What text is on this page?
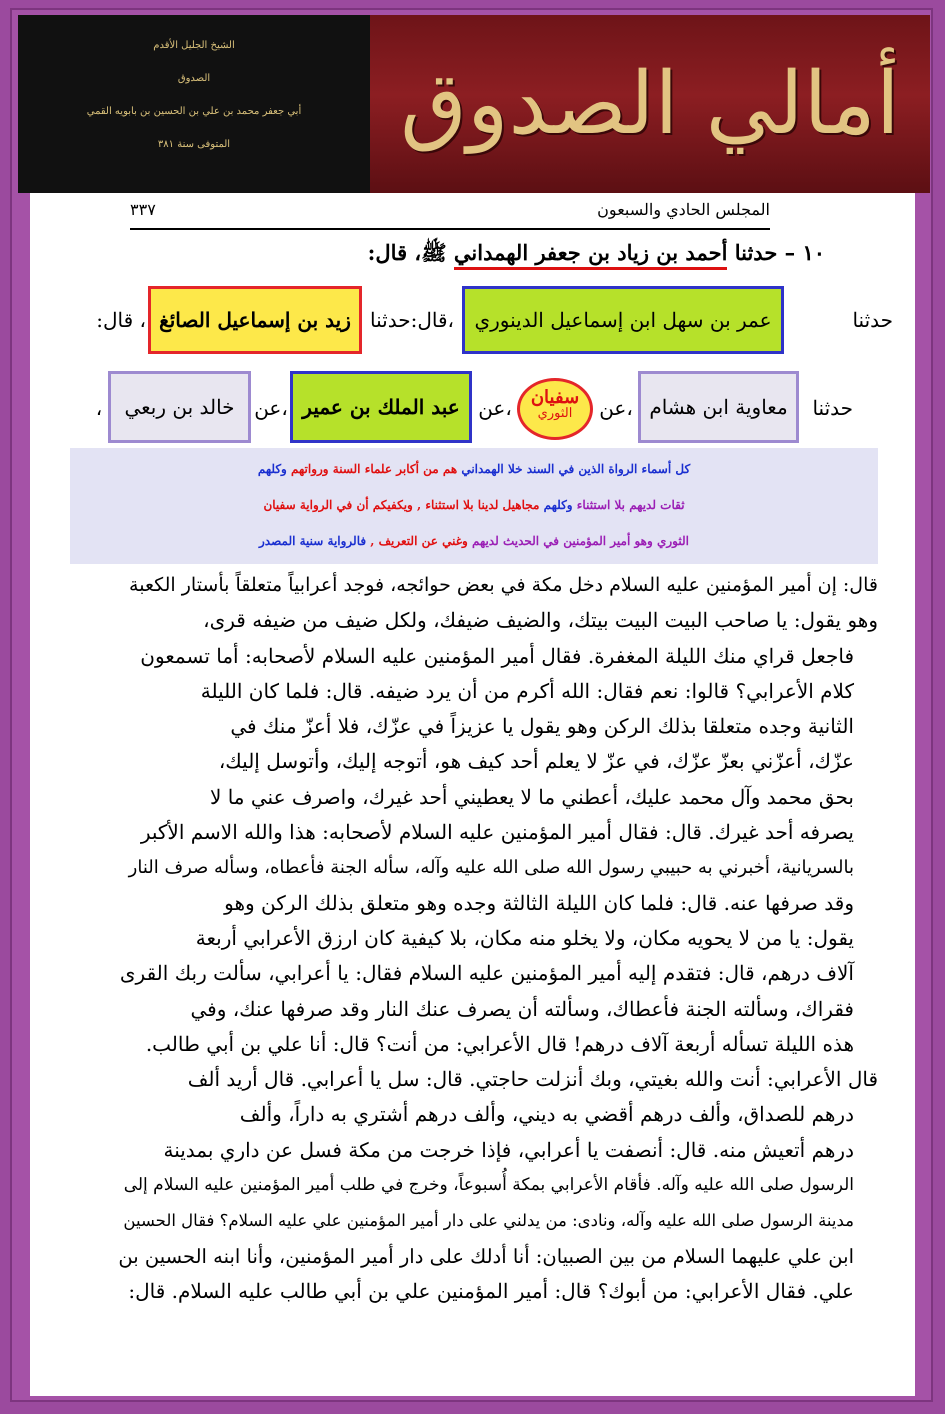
الشيخ الجليل الأقدم
الصدوق
أبي جعفر محمد بن علي بن الحسين بن بابويه القمي
المتوفى سنة ٣٨١	أمالي الصدوق
٣٣٧	المجلس الحادي والسبعون
١٠ – حدثنا أحمد بن زياد بن جعفر الهمداني ﷺ، قال:
حدثنا
عمر بن سهل ابن إسماعيل الدينوري
،قال:حدثنا
زيد بن إسماعيل الصائغ
، قال:
حدثنا
معاوية ابن هشام
،عن
سفيان
الثوري
،عن
عبد الملك بن عمير
،عن
خالد بن ربعي
،
كل أسماء الرواة الذين في السند خلا الهمداني هم من أكابر علماء السنة ورواتهم وكلهم
ثقات لديهم بلا استثناء وكلهم مجاهيل لدينا بلا استثناء , ويكفيكم أن في الرواية سفيان
الثوري وهو أمير المؤمنين في الحديث لديهم وغني عن التعريف , فالرواية سنية المصدر

قال: إن أمير المؤمنين عليه السلام دخل مكة في بعض حوائجه، فوجد أعرابياً متعلقاً بأستار الكعبة

وهو يقول: يا صاحب البيت البيت بيتك، والضيف ضيفك، ولكل ضيف من ضيفه قرى،

فاجعل قراي منك الليلة المغفرة. فقال أمير المؤمنين عليه السلام لأصحابه: أما تسمعون

كلام الأعرابي؟ قالوا: نعم فقال: الله أكرم من أن يرد ضيفه. قال: فلما كان الليلة

الثانية وجده متعلقا بذلك الركن وهو يقول يا عزيزاً في عزّك، فلا أعزّ منك في

عزّك، أعزّني بعزّ عزّك، في عزّ لا يعلم أحد كيف هو، أتوجه إليك، وأتوسل إليك،

بحق محمد وآل محمد عليك، أعطني ما لا يعطيني أحد غيرك، واصرف عني ما لا

يصرفه أحد غيرك. قال: فقال أمير المؤمنين عليه السلام لأصحابه: هذا والله الاسم الأكبر

بالسريانية، أخبرني به حبيبي رسول الله صلى الله عليه وآله، سأله الجنة فأعطاه، وسأله صرف النار

وقد صرفها عنه. قال: فلما كان الليلة الثالثة وجده وهو متعلق بذلك الركن وهو

يقول: يا من لا يحويه مكان، ولا يخلو منه مكان، بلا كيفية كان ارزق الأعرابي أربعة

آلاف درهم، قال: فتقدم إليه أمير المؤمنين عليه السلام فقال: يا أعرابي، سألت ربك القرى

فقراك، وسألته الجنة فأعطاك، وسألته أن يصرف عنك النار وقد صرفها عنك، وفي

هذه الليلة تسأله أربعة آلاف درهم! قال الأعرابي: من أنت؟ قال: أنا علي بن أبي طالب.

قال الأعرابي: أنت والله بغيتي، وبك أنزلت حاجتي. قال: سل يا أعرابي. قال أريد ألف

درهم للصداق، وألف درهم أقضي به ديني، وألف درهم أشتري به داراً، وألف

درهم أتعيش منه. قال: أنصفت يا أعرابي، فإذا خرجت من مكة فسل عن داري بمدينة

الرسول صلى الله عليه وآله. فأقام الأعرابي بمكة أُسبوعاً، وخرج في طلب أمير المؤمنين عليه السلام إلى

مدينة الرسول صلى الله عليه وآله، ونادى: من يدلني على دار أمير المؤمنين علي عليه السلام؟ فقال الحسين

ابن علي عليهما السلام من بين الصبيان: أنا أدلك على دار أمير المؤمنين، وأنا ابنه الحسين بن

علي. فقال الأعرابي: من أبوك؟ قال: أمير المؤمنين علي بن أبي طالب عليه السلام. قال:
